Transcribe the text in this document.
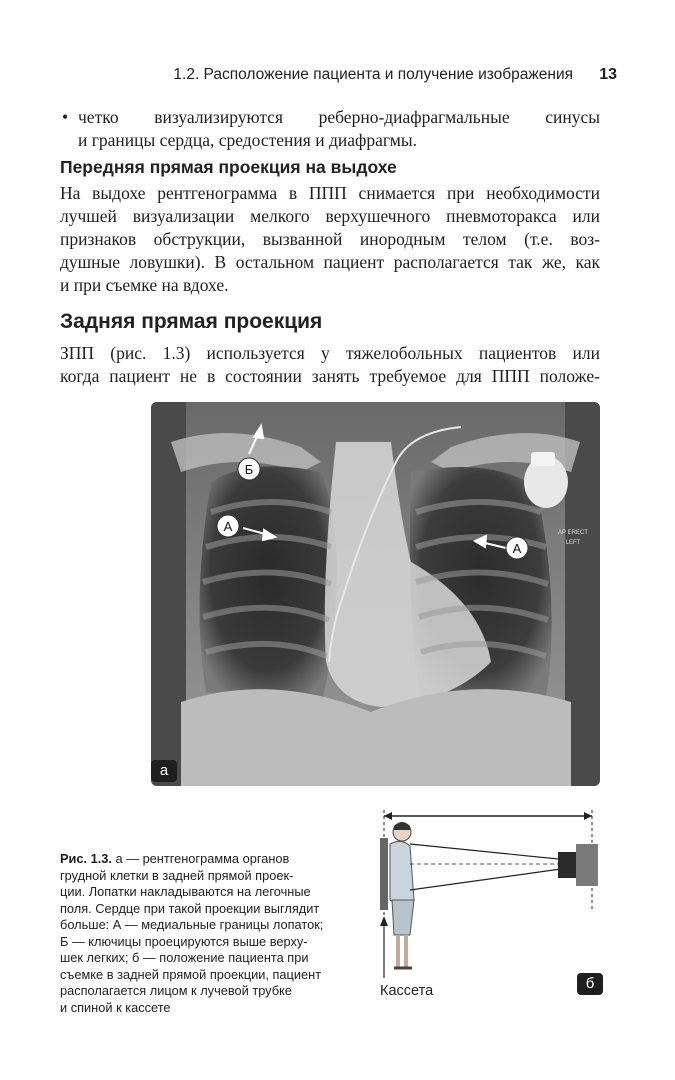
1.2. Расположение пациента и получение изображения 13
• четко визуализируются реберно-диафрагмальные синусы
и границы сердца, средостения и диафрагмы.
Передняя прямая проекция на выдохе
На выдохе рентгенограмма в ППП снимается при необходимости
лучшей визуализации мелкого верхушечного пневмоторакса или
признаков обструкции, вызванной инородным телом (т.е. воз-
душные ловушки). В остальном пациент располагается так же, как
и при съемке на вдохе.
Задняя прямая проекция
ЗПП (рис. 1.3) используется у тяжелобольных пациентов или
когда пациент не в состоянии занять требуемое для ППП положе-
Б
А
А
AP ERECT
LEFT
а
Рис. 1.3. а — рентгенограмма органов
грудной клетки в задней прямой проек-
ции. Лопатки накладываются на легочные
поля. Сердце при такой проекции выглядит
больше: А — медиальные границы лопаток;
Б — ключицы проецируются выше верху-
шек легких; б — положение пациента при
съемке в задней прямой проекции, пациент
располагается лицом к лучевой трубке
и спиной к кассете
Кассета	б
